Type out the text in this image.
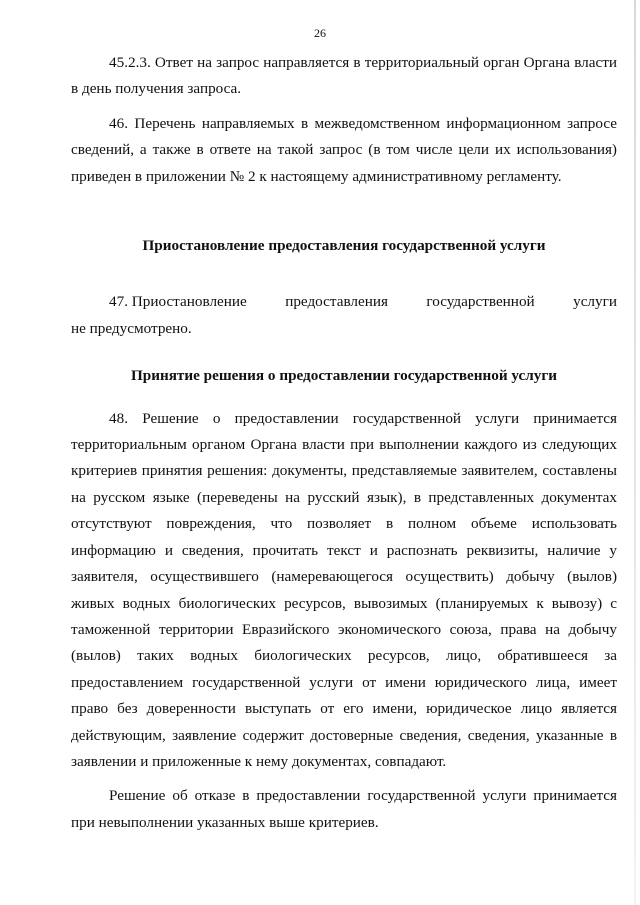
26

45.2.3. Ответ на запрос направляется в территориальный орган Органа власти в день получения запроса.

46. Перечень направляемых в межведомственном информационном запросе сведений, а также в ответе на такой запрос (в том числе цели их использования) приведен в приложении № 2 к настоящему административному регламенту.

Приостановление предоставления государственной услуги

47. Приостановление	предоставления	государственной	услуги

не предусмотрено.

Принятие решения о предоставлении государственной услуги

48. Решение о предоставлении государственной услуги принимается территориальным органом Органа власти при выполнении каждого из следующих критериев принятия решения: документы, представляемые заявителем, составлены на русском языке (переведены на русский язык), в представленных документах отсутствуют повреждения, что позволяет в полном объеме использовать информацию и сведения, прочитать текст и распознать реквизиты, наличие у заявителя, осуществившего (намеревающегося осуществить) добычу (вылов) живых водных биологических ресурсов, вывозимых (планируемых к вывозу) с таможенной территории Евразийского экономического союза, права на добычу (вылов) таких водных биологических ресурсов, лицо, обратившееся за предоставлением государственной услуги от имени юридического лица, имеет право без доверенности выступать от его имени, юридическое лицо является действующим, заявление содержит достоверные сведения, сведения, указанные в заявлении и приложенные к нему документах, совпадают.

Решение об отказе в предоставлении государственной услуги принимается при невыполнении указанных выше критериев.
